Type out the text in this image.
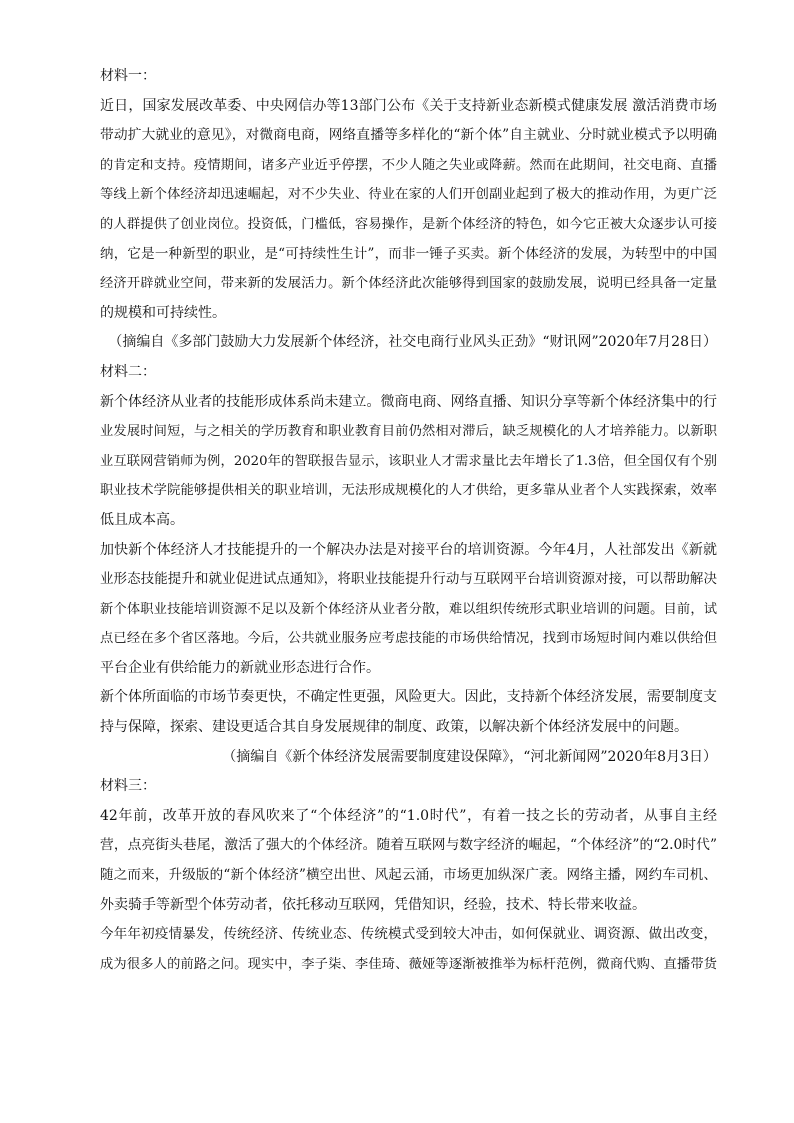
材料一：
近日，国家发展改革委、中央网信办等13部门公布《关于支持新业态新模式健康发展 激活消费市场
带动扩大就业的意见》，对微商电商，网络直播等多样化的“新个体”自主就业、分时就业模式予以明确
的肯定和支持。疫情期间，诸多产业近乎停摆，不少人随之失业或降薪。然而在此期间，社交电商、直播
等线上新个体经济却迅速崛起，对不少失业、待业在家的人们开创副业起到了极大的推动作用，为更广泛
的人群提供了创业岗位。投资低，门槛低，容易操作，是新个体经济的特色，如今它正被大众逐步认可接
纳，它是一种新型的职业，是“可持续性生计”，而非一锤子买卖。新个体经济的发展，为转型中的中国
经济开辟就业空间，带来新的发展活力。新个体经济此次能够得到国家的鼓励发展，说明已经具备一定量
的规模和可持续性。
（摘编自《多部门鼓励大力发展新个体经济，社交电商行业风头正劲》“财讯网”2020年7月28日）
材料二：
新个体经济从业者的技能形成体系尚未建立。微商电商、网络直播、知识分享等新个体经济集中的行
业发展时间短，与之相关的学历教育和职业教育目前仍然相对滞后，缺乏规模化的人才培养能力。以新职
业互联网营销师为例，2020年的智联报告显示，该职业人才需求量比去年增长了1.3倍，但全国仅有个别
职业技术学院能够提供相关的职业培训，无法形成规模化的人才供给，更多靠从业者个人实践探索，效率
低且成本高。
加快新个体经济人才技能提升的一个解决办法是对接平台的培训资源。今年4月，人社部发出《新就
业形态技能提升和就业促进试点通知》，将职业技能提升行动与互联网平台培训资源对接，可以帮助解决
新个体职业技能培训资源不足以及新个体经济从业者分散，难以组织传统形式职业培训的问题。目前，试
点已经在多个省区落地。今后，公共就业服务应考虑技能的市场供给情况，找到市场短时间内难以供给但
平台企业有供给能力的新就业形态进行合作。
新个体所面临的市场节奏更快，不确定性更强，风险更大。因此，支持新个体经济发展，需要制度支
持与保障，探索、建设更适合其自身发展规律的制度、政策，以解决新个体经济发展中的问题。
（摘编自《新个体经济发展需要制度建设保障》，“河北新闻网”2020年8月3日）
材料三：
42年前，改革开放的春风吹来了“个体经济”的“1.0时代”，有着一技之长的劳动者，从事自主经
营，点亮街头巷尾，激活了强大的个体经济。随着互联网与数字经济的崛起，“个体经济”的“2.0时代”
随之而来，升级版的“新个体经济”横空出世、风起云涌，市场更加纵深广袤。网络主播，网约车司机、
外卖骑手等新型个体劳动者，依托移动互联网，凭借知识，经验，技术、特长带来收益。
今年年初疫情暴发，传统经济、传统业态、传统模式受到较大冲击，如何保就业、调资源、做出改变，
成为很多人的前路之问。现实中，李子柒、李佳琦、薇娅等逐渐被推举为标杆范例，微商代购、直播带货
